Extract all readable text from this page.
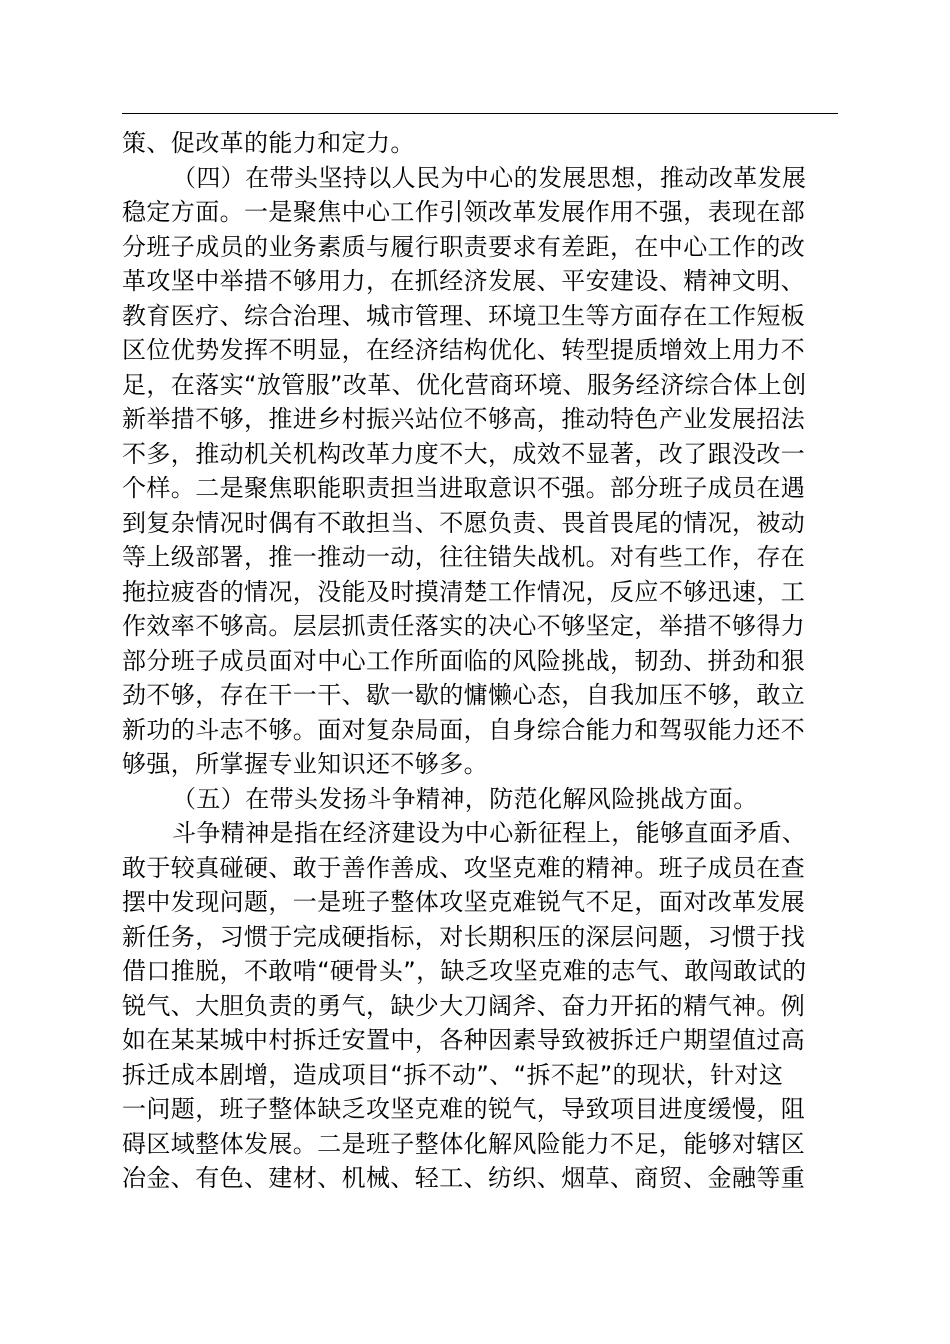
策、促改革的能力和定力。
（四）在带头坚持以人民为中心的发展思想，推动改革发展
稳定方面。一是聚焦中心工作引领改革发展作用不强，表现在部
分班子成员的业务素质与履行职责要求有差距，在中心工作的改
革攻坚中举措不够用力，在抓经济发展、平安建设、精神文明、
教育医疗、综合治理、城市管理、环境卫生等方面存在工作短板
区位优势发挥不明显，在经济结构优化、转型提质增效上用力不
足，在落实“放管服”改革、优化营商环境、服务经济综合体上创
新举措不够，推进乡村振兴站位不够高，推动特色产业发展招法
不多，推动机关机构改革力度不大，成效不显著，改了跟没改一
个样。二是聚焦职能职责担当进取意识不强。部分班子成员在遇
到复杂情况时偶有不敢担当、不愿负责、畏首畏尾的情况，被动
等上级部署，推一推动一动，往往错失战机。对有些工作，存在
拖拉疲沓的情况，没能及时摸清楚工作情况，反应不够迅速，工
作效率不够高。层层抓责任落实的决心不够坚定，举措不够得力
部分班子成员面对中心工作所面临的风险挑战，韧劲、拼劲和狠
劲不够，存在干一干、歇一歇的慵懒心态，自我加压不够，敢立
新功的斗志不够。面对复杂局面，自身综合能力和驾驭能力还不
够强，所掌握专业知识还不够多。
（五）在带头发扬斗争精神，防范化解风险挑战方面。
斗争精神是指在经济建设为中心新征程上，能够直面矛盾、
敢于较真碰硬、敢于善作善成、攻坚克难的精神。班子成员在查
摆中发现问题，一是班子整体攻坚克难锐气不足，面对改革发展
新任务，习惯于完成硬指标，对长期积压的深层问题，习惯于找
借口推脱，不敢啃“硬骨头”，缺乏攻坚克难的志气、敢闯敢试的
锐气、大胆负责的勇气，缺少大刀阔斧、奋力开拓的精气神。例
如在某某城中村拆迁安置中，各种因素导致被拆迁户期望值过高
拆迁成本剧增，造成项目“拆不动”、“拆不起”的现状，针对这
一问题，班子整体缺乏攻坚克难的锐气，导致项目进度缓慢，阻
碍区域整体发展。二是班子整体化解风险能力不足，能够对辖区
冶金、有色、建材、机械、轻工、纺织、烟草、商贸、金融等重
